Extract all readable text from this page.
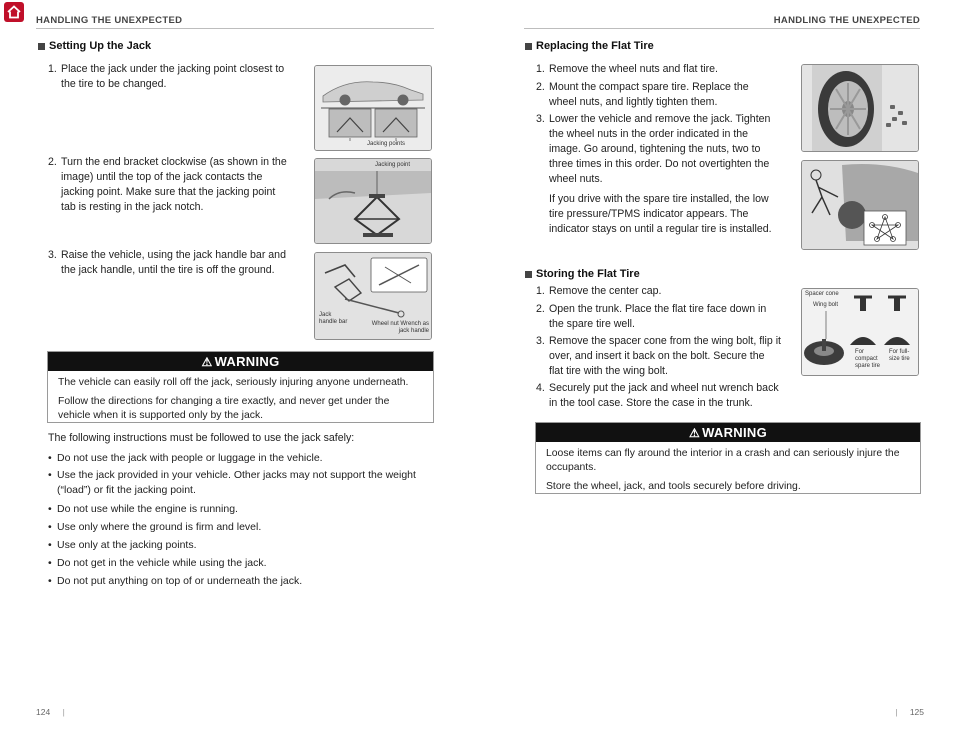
HANDLING THE UNEXPECTED
Setting Up the Jack
1. Place the jack under the jacking point closest to the tire to be changed.
2. Turn the end bracket clockwise (as shown in the image) until the top of the jack contacts the jacking point. Make sure that the jacking point tab is resting in the jack notch.
3. Raise the vehicle, using the jack handle bar and the jack handle, until the tire is off the ground.
Jacking points
Jacking point
Jack handle bar	Wheel nut Wrench as jack handle
⚠ WARNING

The vehicle can easily roll off the jack, seriously injuring anyone underneath.

Follow the directions for changing a tire exactly, and never get under the vehicle when it is supported only by the jack.

The following instructions must be followed to use the jack safely:
• Do not use the jack with people or luggage in the vehicle.
• Use the jack provided in your vehicle. Other jacks may not support the weight (“load”) or fit the jacking point.
• Do not use while the engine is running.
• Use only where the ground is firm and level.
• Use only at the jacking points.
• Do not get in the vehicle while using the jack.
• Do not put anything on top of or underneath the jack.
124 |
HANDLING THE UNEXPECTED
Replacing the Flat Tire
1. Remove the wheel nuts and flat tire.
2. Mount the compact spare tire. Replace the wheel nuts, and lightly tighten them.
3. Lower the vehicle and remove the jack. Tighten the wheel nuts in the order indicated in the image. Go around, tightening the nuts, two to three times in this order. Do not overtighten the wheel nuts.
If you drive with the spare tire installed, the low tire pressure/TPMS indicator appears. The indicator stays on until a regular tire is installed.
Storing the Flat Tire
1. Remove the center cap.
2. Open the trunk. Place the flat tire face down in the spare tire well.
3. Remove the spacer cone from the wing bolt, flip it over, and insert it back on the bolt. Secure the flat tire with the wing bolt.
4. Securely put the jack and wheel nut wrench back in the tool case. Store the case in the trunk.
Spacer cone
Wing bolt
For compact spare tire
For full-size tire
⚠ WARNING

Loose items can fly around the interior in a crash and can seriously injure the occupants.

Store the wheel, jack, and tools securely before driving.

| 125
